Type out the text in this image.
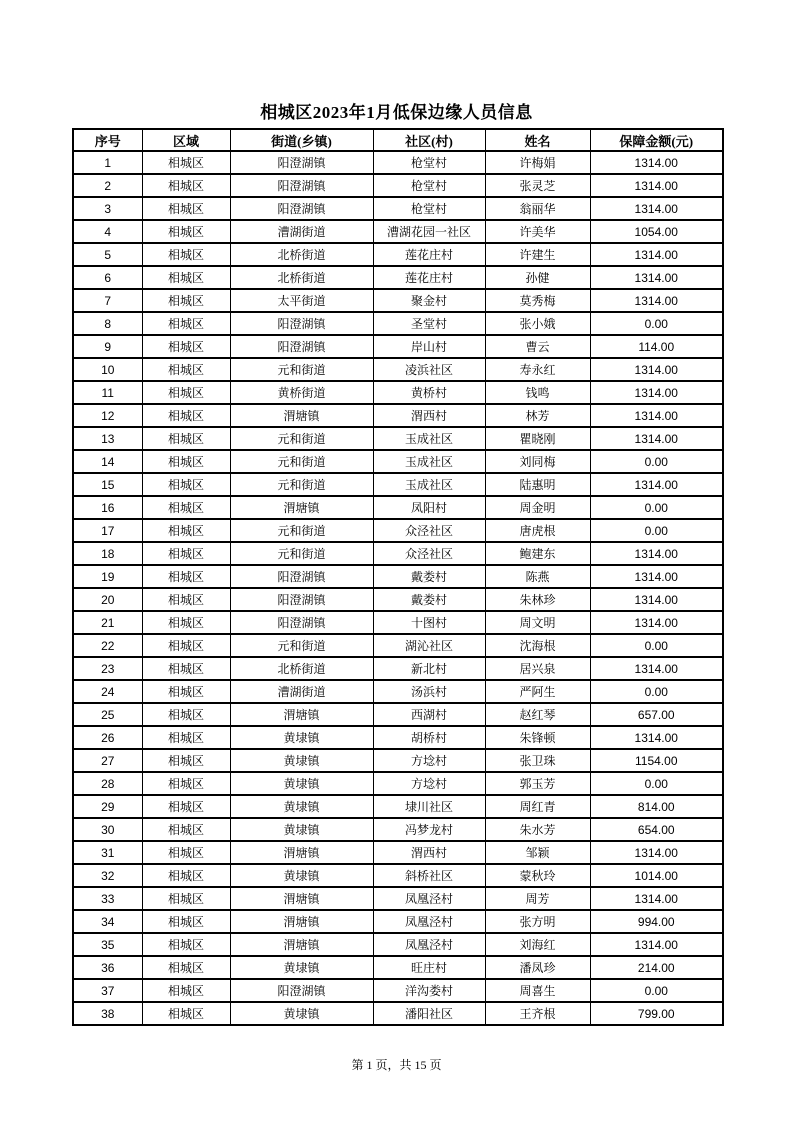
相城区2023年1月低保边缘人员信息
序号	区域	街道(乡镇)	社区(村)	姓名	保障金额(元)
1	相城区	阳澄湖镇	枪堂村	许梅娟	1314.00
2	相城区	阳澄湖镇	枪堂村	张灵芝	1314.00
3	相城区	阳澄湖镇	枪堂村	翁丽华	1314.00
4	相城区	漕湖街道	漕湖花园一社区	许美华	1054.00
5	相城区	北桥街道	莲花庄村	许建生	1314.00
6	相城区	北桥街道	莲花庄村	孙健	1314.00
7	相城区	太平街道	聚金村	莫秀梅	1314.00
8	相城区	阳澄湖镇	圣堂村	张小娥	0.00
9	相城区	阳澄湖镇	岸山村	曹云	114.00
10	相城区	元和街道	凌浜社区	寿永红	1314.00
11	相城区	黄桥街道	黄桥村	钱鸣	1314.00
12	相城区	渭塘镇	渭西村	林芳	1314.00
13	相城区	元和街道	玉成社区	瞿晓刚	1314.00
14	相城区	元和街道	玉成社区	刘同梅	0.00
15	相城区	元和街道	玉成社区	陆惠明	1314.00
16	相城区	渭塘镇	凤阳村	周金明	0.00
17	相城区	元和街道	众泾社区	唐虎根	0.00
18	相城区	元和街道	众泾社区	鲍建东	1314.00
19	相城区	阳澄湖镇	戴娄村	陈燕	1314.00
20	相城区	阳澄湖镇	戴娄村	朱林珍	1314.00
21	相城区	阳澄湖镇	十图村	周文明	1314.00
22	相城区	元和街道	湖沁社区	沈海根	0.00
23	相城区	北桥街道	新北村	居兴泉	1314.00
24	相城区	漕湖街道	汤浜村	严阿生	0.00
25	相城区	渭塘镇	西湖村	赵红琴	657.00
26	相城区	黄埭镇	胡桥村	朱锋顿	1314.00
27	相城区	黄埭镇	方埝村	张卫珠	1154.00
28	相城区	黄埭镇	方埝村	郭玉芳	0.00
29	相城区	黄埭镇	埭川社区	周红青	814.00
30	相城区	黄埭镇	冯梦龙村	朱水芳	654.00
31	相城区	渭塘镇	渭西村	邹颖	1314.00
32	相城区	黄埭镇	斜桥社区	蒙秋玲	1014.00
33	相城区	渭塘镇	凤凰泾村	周芳	1314.00
34	相城区	渭塘镇	凤凰泾村	张方明	994.00
35	相城区	渭塘镇	凤凰泾村	刘海红	1314.00
36	相城区	黄埭镇	旺庄村	潘凤珍	214.00
37	相城区	阳澄湖镇	洋沟娄村	周喜生	0.00
38	相城区	黄埭镇	潘阳社区	王齐根	799.00
第 1 页，共 15 页
